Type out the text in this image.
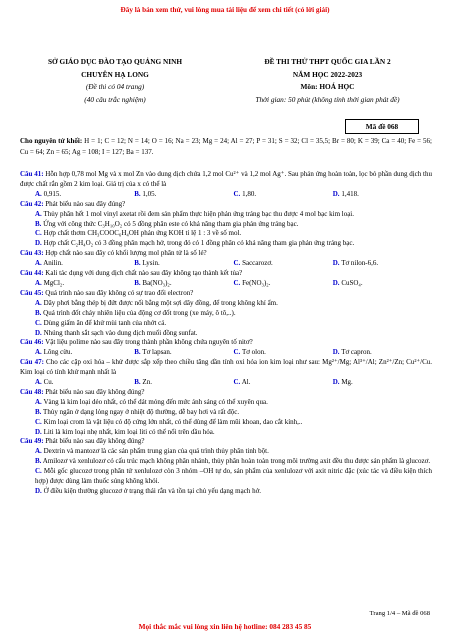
Đây là bản xem thử, vui lòng mua tài liệu để xem chi tiết (có lời giải)
SỞ GIÁO DỤC ĐÀO TẠO QUẢNG NINH
CHUYÊN HẠ LONG
(Đề thi có 04 trang)
(40 câu trắc nghiệm)
ĐỀ THI THỬ THPT QUỐC GIA LẦN 2
NĂM HỌC 2022-2023
Môn: HOÁ HỌC
Thời gian: 50 phút (không tính thời gian phát đề)
Mã đề 068
Cho nguyên tử khối: H = 1; C = 12; N = 14; O = 16; Na = 23; Mg = 24; Al = 27; P = 31; S = 32; Cl = 35,5; Br = 80; K = 39; Ca = 40; Fe = 56; Cu = 64; Zn = 65; Ag = 108; I = 127; Ba = 137.

Câu 41: Hỗn hợp 0,78 mol Mg và x mol Zn vào dung dịch chứa 1,2 mol Cu²⁺ và 1,2 mol Ag⁺. Sau phản ứng hoàn toàn, lọc bỏ phần dung dịch thu được chất rắn gồm 2 kim loại. Giá trị của x có thể là

A. 0,915.	B. 1,05.	C. 1,80.	D. 1,418.

Câu 42: Phát biểu nào sau đây đúng?

A. Thủy phân hết 1 mol vinyl axetat rồi đem sản phẩm thực hiện phản ứng tráng bạc thu được 4 mol bạc kim loại.
B. Ứng với công thức C₃H₁₀O₂ có 5 đồng phân este có khả năng tham gia phản ứng tráng bạc.
C. Hợp chất thơm CH₃COOC₆H₄OH phản ứng KOH tỉ lệ 1 : 3 về số mol.
D. Hợp chất C₂H₄O₂ có 3 đồng phân mạch hở, trong đó có 1 đồng phân có khả năng tham gia phản ứng tráng bạc.

Câu 43: Hợp chất nào sau đây có khối lượng mol phân tử là số lẻ?

A. Anilin.	B. Lysin.	C. Saccarozơ.	D. Tơ nilon-6,6.

Câu 44: Kali tác dụng với dung dịch chất nào sau đây không tạo thành kết tủa?

A. MgCl₂.	B. Ba(NO₃)₂.	C. Fe(NO₃)₂.	D. CuSO₄.

Câu 45: Quá trình nào sau đây không có sự trao đổi electron?

A. Dây phơi bằng thép bị đứt được nối bằng một sợi dây đồng, để trong không khí ẩm.
B. Quá trình đốt cháy nhiên liệu của động cơ đốt trong (xe máy, ô tô,..).
C. Dùng giấm ăn để khử mùi tanh của nhớt cá.
D. Nhúng thanh sắt sạch vào dung dịch muối đồng sunfat.

Câu 46: Vật liệu polime nào sau đây trong thành phần không chứa nguyên tố nitơ?

A. Lông cừu.	B. Tơ lapsan.	C. Tơ olon.	D. Tơ capron.

Câu 47: Cho các cặp oxi hóa – khử được sắp xếp theo chiều tăng dần tính oxi hóa ion kim loại như sau: Mg²⁺/Mg; Al³⁺/Al; Zn²⁺/Zn; Cu²⁺/Cu. Kim loại có tính khử mạnh nhất là

A. Cu.	B. Zn.	C. Al.	D. Mg.

Câu 48: Phát biểu nào sau đây không đúng?

A. Vàng là kim loại dẻo nhất, có thể dát mỏng đến mức ánh sáng có thể xuyên qua.
B. Thủy ngân ở dạng lỏng ngay ở nhiệt độ thường, dễ bay hơi và rất độc.
C. Kim loại crom là vật liệu có độ cứng lớn nhất, có thể dùng để làm mũi khoan, dao cắt kính,..
D. Liti là kim loại nhẹ nhất, kim loại liti có thể nổi trên dầu hỏa.

Câu 49: Phát biểu nào sau đây không đúng?

A. Dextrin và mantozơ là các sản phẩm trung gian của quá trình thủy phân tinh bột.
B. Amilozơ và xenlulozơ có cấu trúc mạch không phân nhánh, thủy phân hoàn toàn trong môi trường axit đều thu được sản phẩm là glucozơ.
C. Mỗi gốc glucozơ trong phân tử xenlulozơ còn 3 nhóm –OH tự do, sản phẩm của xenlulozơ với axit nitric đặc (xúc tác và điều kiện thích hợp) được dùng làm thuốc súng không khói.
D. Ở điều kiện thường glucozơ ở trạng thái rắn và tồn tại chủ yếu dạng mạch hở.
Trang 1/4 – Mã đề 068
Mọi thắc mắc vui lòng xin liên hệ hotline: 084 283 45 85
